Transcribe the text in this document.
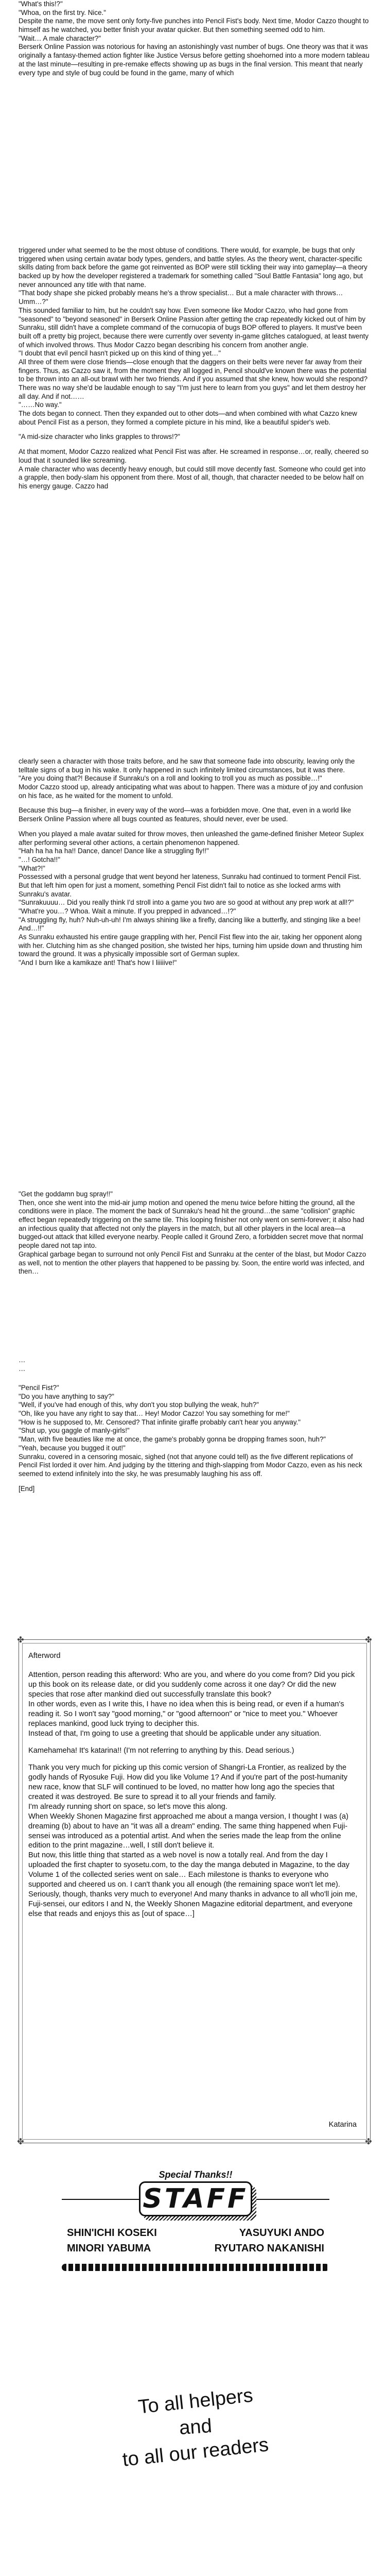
"What's this!?"

"Whoa, on the first try. Nice."

Despite the name, the move sent only forty-five punches into Pencil Fist's body. Next time, Modor Cazzo thought to himself as he watched, you better finish your avatar quicker. But then something seemed odd to him.

"Wait… A male character?"

Berserk Online Passion was notorious for having an astonishingly vast number of bugs. One theory was that it was originally a fantasy-themed action fighter like Justice Versus before getting shoehorned into a more modern tableau at the last minute—resulting in pre-remake effects showing up as bugs in the final version. This meant that nearly every type and style of bug could be found in the game, many of which

triggered under what seemed to be the most obtuse of conditions. There would, for example, be bugs that only triggered when using certain avatar body types, genders, and battle styles. As the theory went, character-specific skills dating from back before the game got reinvented as BOP were still tickling their way into gameplay—a theory backed up by how the developer registered a trademark for something called "Soul Battle Fantasia" long ago, but never announced any title with that name.

"That body shape she picked probably means he's a throw specialist… But a male character with throws… Umm…?"

This sounded familiar to him, but he couldn't say how. Even someone like Modor Cazzo, who had gone from "seasoned" to "beyond seasoned" in Berserk Online Passion after getting the crap repeatedly kicked out of him by Sunraku, still didn't have a complete command of the cornucopia of bugs BOP offered to players. It must've been built off a pretty big project, because there were currently over seventy in-game glitches catalogued, at least twenty of which involved throws. Thus Modor Cazzo began describing his concern from another angle.

"I doubt that evil pencil hasn't picked up on this kind of thing yet…"

All three of them were close friends—close enough that the daggers on their belts were never far away from their fingers. Thus, as Cazzo saw it, from the moment they all logged in, Pencil should've known there was the potential to be thrown into an all-out brawl with her two friends. And if you assumed that she knew, how would she respond? There was no way she'd be laudable enough to say "I'm just here to learn from you guys" and let them destroy her all day. And if not……

"……No way."

The dots began to connect. Then they expanded out to other dots—and when combined with what Cazzo knew about Pencil Fist as a person, they formed a complete picture in his mind, like a beautiful spider's web.

"A mid-size character who links grapples to throws!?"

At that moment, Modor Cazzo realized what Pencil Fist was after. He screamed in response…or, really, cheered so loud that it sounded like screaming.

A male character who was decently heavy enough, but could still move decently fast. Someone who could get into a grapple, then body-slam his opponent from there. Most of all, though, that character needed to be below half on his energy gauge. Cazzo had

clearly seen a character with those traits before, and he saw that someone fade into obscurity, leaving only the telltale signs of a bug in his wake. It only happened in such infinitely limited circumstances, but it was there.

"Are you doing that?! Because if Sunraku's on a roll and looking to troll you as much as possible…!"

Modor Cazzo stood up, already anticipating what was about to happen. There was a mixture of joy and confusion on his face, as he waited for the moment to unfold.

Because this bug—a finisher, in every way of the word—was a forbidden move. One that, even in a world like Berserk Online Passion where all bugs counted as features, should never, ever be used.

When you played a male avatar suited for throw moves, then unleashed the game-defined finisher Meteor Suplex after performing several other actions, a certain phenomenon happened.

"Hah ha ha ha ha!! Dance, dance! Dance like a struggling fly!!"

"…! Gotcha!!"

"What?!"

Possessed with a personal grudge that went beyond her lateness, Sunraku had continued to torment Pencil Fist. But that left him open for just a moment, something Pencil Fist didn't fail to notice as she locked arms with Sunraku's avatar.

"Sunrakuuuu… Did you really think I'd stroll into a game you two are so good at without any prep work at all!?"

"What're you…? Whoa. Wait a minute. If you prepped in advanced…!?"

"A struggling fly, huh? Nuh-uh-uh! I'm always shining like a firefly, dancing like a butterfly, and stinging like a bee! And…!!"

As Sunraku exhausted his entire gauge grappling with her, Pencil Fist flew into the air, taking her opponent along with her. Clutching him as she changed position, she twisted her hips, turning him upside down and thrusting him toward the ground. It was a physically impossible sort of German suplex.

"And I burn like a kamikaze ant! That's how I liiiiive!"

"Get the goddamn bug spray!!"

Then, once she went into the mid-air jump motion and opened the menu twice before hitting the ground, all the conditions were in place. The moment the back of Sunraku's head hit the ground…the same "collision" graphic effect began repeatedly triggering on the same tile. This looping finisher not only went on semi-forever; it also had an infectious quality that affected not only the players in the match, but all other players in the local area—a bugged-out attack that killed everyone nearby. People called it Ground Zero, a forbidden secret move that normal people dared not tap into.

Graphical garbage began to surround not only Pencil Fist and Sunraku at the center of the blast, but Modor Cazzo as well, not to mention the other players that happened to be passing by. Soon, the entire world was infected, and then…

…

…

"Pencil Fist?"

"Do you have anything to say?"

"Well, if you've had enough of this, why don't you stop bullying the weak, huh?"

"Oh, like you have any right to say that… Hey! Modor Cazzo! You say something for me!"

"How is he supposed to, Mr. Censored? That infinite giraffe probably can't hear you anyway."

"Shut up, you gaggle of manly-girls!"

"Man, with five beauties like me at once, the game's probably gonna be dropping frames soon, huh?"

"Yeah, because you bugged it out!"

Sunraku, covered in a censoring mosaic, sighed (not that anyone could tell) as the five different replications of Pencil Fist lorded it over him. And judging by the tittering and thigh-slapping from Modor Cazzo, even as his neck seemed to extend infinitely into the sky, he was presumably laughing his ass off.

[End]

✤	✤
✤	✤

Afterword

Attention, person reading this afterword: Who are you, and where do you come from? Did you pick up this book on its release date, or did you suddenly come across it one day? Or did the new species that rose after mankind died out successfully translate this book?

In other words, even as I write this, I have no idea when this is being read, or even if a human's reading it. So I won't say "good morning," or "good afternoon" or "nice to meet you." Whoever replaces mankind, good luck trying to decipher this.

Instead of that, I'm going to use a greeting that should be applicable under any situation.

Kamehameha! It's katarina!! (I'm not referring to anything by this. Dead serious.)

Thank you very much for picking up this comic version of Shangri-La Frontier, as realized by the godly hands of Ryosuke Fuji. How did you like Volume 1? And if you're part of the post-humanity new race, know that SLF will continued to be loved, no matter how long ago the species that created it was destroyed. Be sure to spread it to all your friends and family.

I'm already running short on space, so let's move this along.

When Weekly Shonen Magazine first approached me about a manga version, I thought I was (a) dreaming (b) about to have an "it was all a dream" ending. The same thing happened when Fuji-sensei was introduced as a potential artist. And when the series made the leap from the online edition to the print magazine…well, I still don't believe it.

But now, this little thing that started as a web novel is now a totally real. And from the day I uploaded the first chapter to syosetu.com, to the day the manga debuted in Magazine, to the day Volume 1 of the collected series went on sale… Each milestone is thanks to everyone who supported and cheered us on. I can't thank you all enough (the remaining space won't let me).

Seriously, though, thanks very much to everyone! And many thanks in advance to all who'll join me, Fuji-sensei, our editors I and N, the Weekly Shonen Magazine editorial department, and everyone else that reads and enjoys this as [out of space…]

Katarina

Special Thanks!!
STAFF
SHIN'ICHI KOSEKI
MINORI YABUMA
YASUYUKI ANDO
RYUTARO NAKANISHI
To all helpers
and
to all our readers
